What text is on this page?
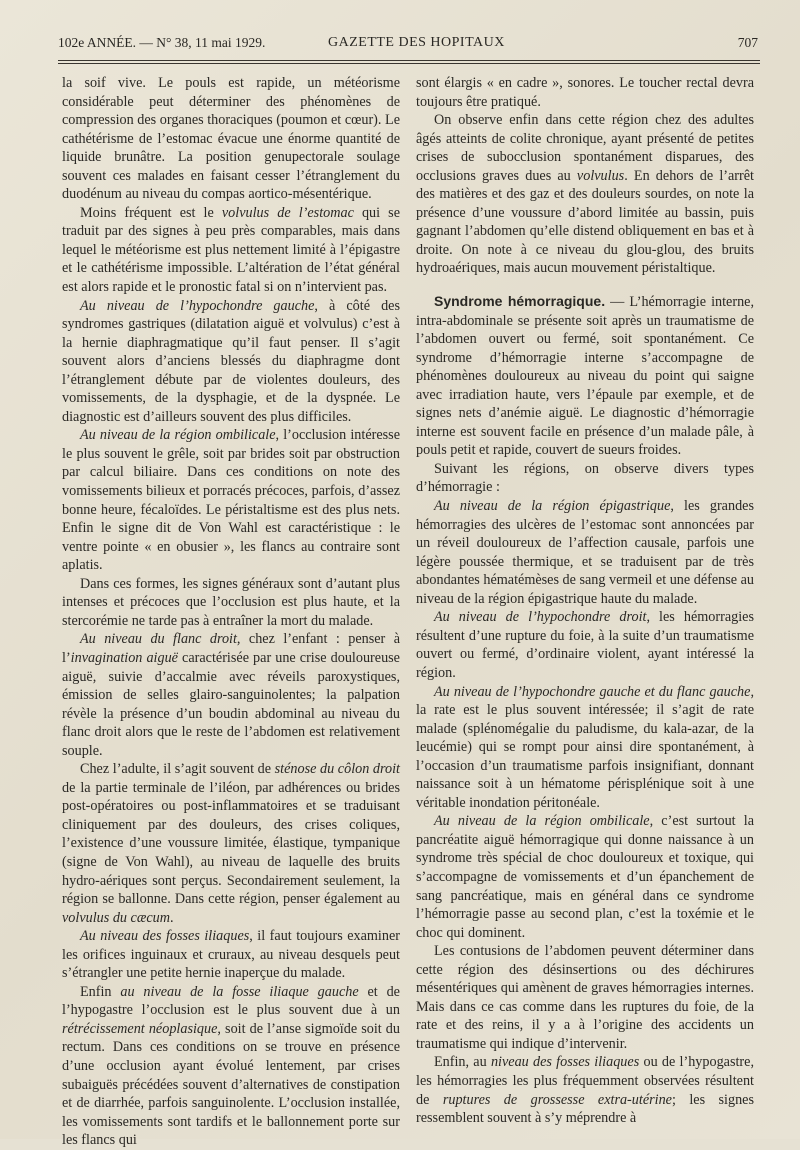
102e ANNÉE. — N° 38, 11 mai 1929.	GAZETTE DES HOPITAUX	707

la soif vive. Le pouls est rapide, un météorisme considérable peut déterminer des phénomènes de compression des organes thoraciques (poumon et cœur). Le cathétérisme de l’estomac évacue une énorme quantité de liquide brunâtre. La position genupectorale soulage souvent ces malades en faisant cesser l’étranglement du duodénum au niveau du compas aortico-mésentérique.

Moins fréquent est le volvulus de l’estomac qui se traduit par des signes à peu près comparables, mais dans lequel le météorisme est plus nettement limité à l’épigastre et le cathétérisme impossible. L’altération de l’état général est alors rapide et le pronostic fatal si on n’intervient pas.

Au niveau de l’hypochondre gauche, à côté des syndromes gastriques (dilatation aiguë et volvulus) c’est à la hernie diaphragmatique qu’il faut penser. Il s’agit souvent alors d’anciens blessés du diaphragme dont l’étranglement débute par de violentes douleurs, des vomissements, de la dysphagie, et de la dyspnée. Le diagnostic est d’ailleurs souvent des plus difficiles.

Au niveau de la région ombilicale, l’occlusion intéresse le plus souvent le grêle, soit par brides soit par obstruction par calcul biliaire. Dans ces conditions on note des vomissements bilieux et porracés précoces, parfois, d’assez bonne heure, fécaloïdes. Le péristaltisme est des plus nets. Enfin le signe dit de Von Wahl est caractéristique : le ventre pointe « en obusier », les flancs au contraire sont aplatis.

Dans ces formes, les signes généraux sont d’autant plus intenses et précoces que l’occlusion est plus haute, et la stercorémie ne tarde pas à entraîner la mort du malade.

Au niveau du flanc droit, chez l’enfant : penser à l’invagination aiguë caractérisée par une crise douloureuse aiguë, suivie d’accalmie avec réveils paroxystiques, émission de selles glairo-sanguinolentes; la palpation révèle la présence d’un boudin abdominal au niveau du flanc droit alors que le reste de l’abdomen est relativement souple.

Chez l’adulte, il s’agit souvent de sténose du côlon droit de la partie terminale de l’iléon, par adhérences ou brides post-opératoires ou post-inflammatoires et se traduisant cliniquement par des douleurs, des crises coliques, l’existence d’une voussure limitée, élastique, tympanique (signe de Von Wahl), au niveau de laquelle des bruits hydro-aériques sont perçus. Secondairement seulement, la région se ballonne. Dans cette région, penser également au volvulus du cæcum.

Au niveau des fosses iliaques, il faut toujours examiner les orifices inguinaux et cruraux, au niveau desquels peut s’étrangler une petite hernie inaperçue du malade.

Enfin au niveau de la fosse iliaque gauche et de l’hypogastre l’occlusion est le plus souvent due à un rétrécissement néoplasique, soit de l’anse sigmoïde soit du rectum. Dans ces conditions on se trouve en présence d’une occlusion ayant évolué lentement, par crises subaiguës précédées souvent d’alternatives de constipation et de diarrhée, parfois sanguinolente. L’occlusion installée, les vomissements sont tardifs et le ballonnement porte sur les flancs qui

sont élargis « en cadre », sonores. Le toucher rectal devra toujours être pratiqué.

On observe enfin dans cette région chez des adultes âgés atteints de colite chronique, ayant présenté de petites crises de subocclusion spontanément disparues, des occlusions graves dues au volvulus. En dehors de l’arrêt des matières et des gaz et des douleurs sourdes, on note la présence d’une voussure d’abord limitée au bassin, puis gagnant l’abdomen qu’elle distend obliquement en bas et à droite. On note à ce niveau du glou-glou, des bruits hydroaériques, mais aucun mouvement péristaltique.

Syndrome hémorragique. — L’hémorragie interne, intra-abdominale se présente soit après un traumatisme de l’abdomen ouvert ou fermé, soit spontanément. Ce syndrome d’hémorragie interne s’accompagne de phénomènes douloureux au niveau du point qui saigne avec irradiation haute, vers l’épaule par exemple, et de signes nets d’anémie aiguë. Le diagnostic d’hémorragie interne est souvent facile en présence d’un malade pâle, à pouls petit et rapide, couvert de sueurs froides.

Suivant les régions, on observe divers types d’hémorragie :

Au niveau de la région épigastrique, les grandes hémorragies des ulcères de l’estomac sont annoncées par un réveil douloureux de l’affection causale, parfois une légère poussée thermique, et se traduisent par de très abondantes hématémèses de sang vermeil et une défense au niveau de la région épigastrique haute du malade.

Au niveau de l’hypochondre droit, les hémorragies résultent d’une rupture du foie, à la suite d’un traumatisme ouvert ou fermé, d’ordinaire violent, ayant intéressé la région.

Au niveau de l’hypochondre gauche et du flanc gauche, la rate est le plus souvent intéressée; il s’agit de rate malade (splénomégalie du paludisme, du kala-azar, de la leucémie) qui se rompt pour ainsi dire spontanément, à l’occasion d’un traumatisme parfois insignifiant, donnant naissance soit à un hématome périsplénique soit à une véritable inondation péritonéale.

Au niveau de la région ombilicale, c’est surtout la pancréatite aiguë hémorragique qui donne naissance à un syndrome très spécial de choc douloureux et toxique, qui s’accompagne de vomissements et d’un épanchement de sang pancréatique, mais en général dans ce syndrome l’hémorragie passe au second plan, c’est la toxémie et le choc qui dominent.

Les contusions de l’abdomen peuvent déterminer dans cette région des désinsertions ou des déchirures mésentériques qui amènent de graves hémorragies internes. Mais dans ce cas comme dans les ruptures du foie, de la rate et des reins, il y a à l’origine des accidents un traumatisme qui indique d’intervenir.

Enfin, au niveau des fosses iliaques ou de l’hypogastre, les hémorragies les plus fréquemment observées résultent de ruptures de grossesse extra-utérine; les signes ressemblent souvent à s’y méprendre à
